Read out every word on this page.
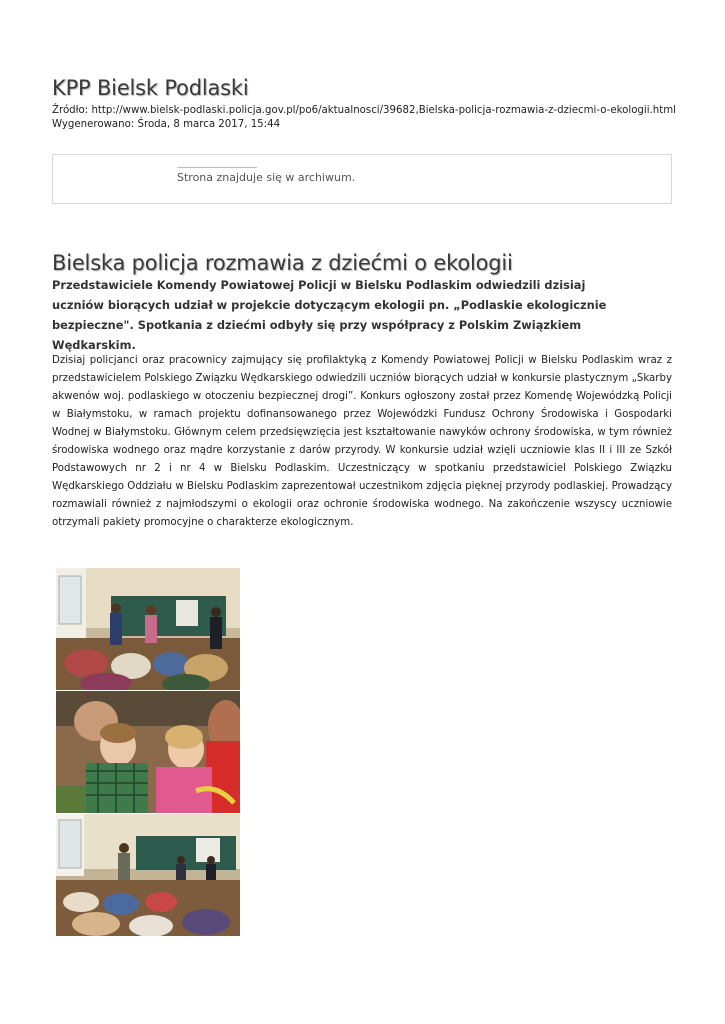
KPP Bielsk Podlaski
Źródło: http://www.bielsk-podlaski.policja.gov.pl/po6/aktualnosci/39682,Bielska-policja-rozmawia-z-dziecmi-o-ekologii.html
Wygenerowano: Środa, 8 marca 2017, 15:44
Strona znajduje się w archiwum.
Bielska policja rozmawia z dziećmi o ekologii

Przedstawiciele Komendy Powiatowej Policji w Bielsku Podlaskim odwiedzili dzisiaj uczniów biorących udział w projekcie dotyczącym ekologii pn. „Podlaskie ekologicznie bezpieczne". Spotkania z dziećmi odbyły się przy współpracy z Polskim Związkiem Wędkarskim.

Dzisiaj policjanci oraz pracownicy zajmujący się profilaktyką z Komendy Powiatowej Policji w Bielsku Podlaskim wraz z przedstawicielem Polskiego Związku Wędkarskiego odwiedzili uczniów biorących udział w konkursie plastycznym „Skarby akwenów woj. podlaskiego w otoczeniu bezpiecznej drogi”. Konkurs ogłoszony został przez Komendę Wojewódzką Policji w Białymstoku, w ramach projektu dofinansowanego przez Wojewódzki Fundusz Ochrony Środowiska i Gospodarki Wodnej w Białymstoku. Głównym celem przedsięwzięcia jest kształtowanie nawyków ochrony środowiska, w tym również środowiska wodnego oraz mądre korzystanie z darów przyrody. W konkursie udział wzięli uczniowie klas II i III ze Szkół Podstawowych nr 2 i nr 4 w Bielsku Podlaskim. Uczestniczący w spotkaniu przedstawiciel Polskiego Związku Wędkarskiego Oddziału w Bielsku Podlaskim zaprezentował uczestnikom zdjęcia pięknej przyrody podlaskiej. Prowadzący rozmawiali również z najmłodszymi o ekologii oraz ochronie środowiska wodnego. Na zakończenie wszyscy uczniowie otrzymali pakiety promocyjne o charakterze ekologicznym.
